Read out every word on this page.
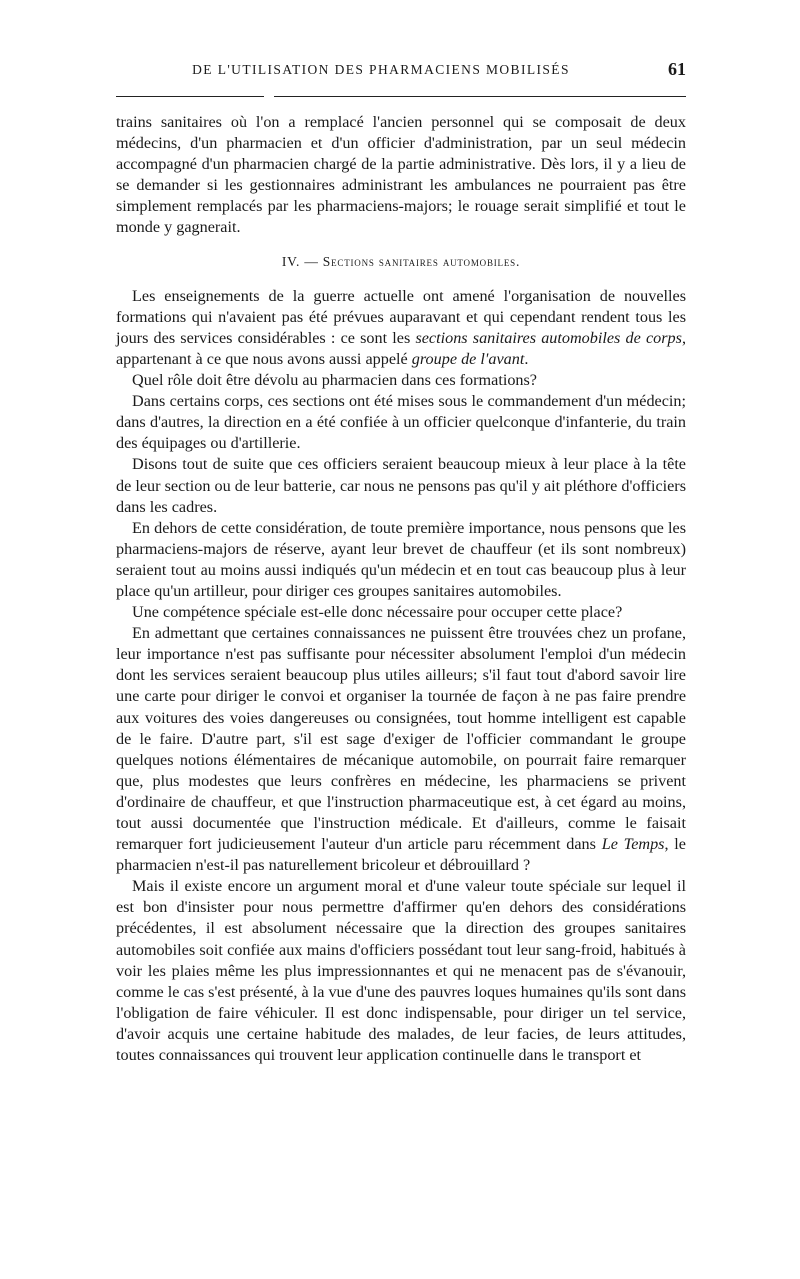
DE L'UTILISATION DES PHARMACIENS MOBILISÉS	61

trains sanitaires où l'on a remplacé l'ancien personnel qui se composait de deux médecins, d'un pharmacien et d'un officier d'administration, par un seul médecin accompagné d'un pharmacien chargé de la partie administrative. Dès lors, il y a lieu de se demander si les gestionnaires administrant les ambulances ne pourraient pas être simplement remplacés par les pharmaciens-majors; le rouage serait simplifié et tout le monde y gagnerait.

IV. — Sections sanitaires automobiles.

Les enseignements de la guerre actuelle ont amené l'organisation de nouvelles formations qui n'avaient pas été prévues auparavant et qui cependant rendent tous les jours des services considérables : ce sont les sections sanitaires automobiles de corps, appartenant à ce que nous avons aussi appelé groupe de l'avant.

Quel rôle doit être dévolu au pharmacien dans ces formations?

Dans certains corps, ces sections ont été mises sous le commandement d'un médecin; dans d'autres, la direction en a été confiée à un officier quelconque d'infanterie, du train des équipages ou d'artillerie.

Disons tout de suite que ces officiers seraient beaucoup mieux à leur place à la tête de leur section ou de leur batterie, car nous ne pensons pas qu'il y ait pléthore d'officiers dans les cadres.

En dehors de cette considération, de toute première importance, nous pensons que les pharmaciens-majors de réserve, ayant leur brevet de chauffeur (et ils sont nombreux) seraient tout au moins aussi indiqués qu'un médecin et en tout cas beaucoup plus à leur place qu'un artilleur, pour diriger ces groupes sanitaires automobiles.

Une compétence spéciale est-elle donc nécessaire pour occuper cette place?

En admettant que certaines connaissances ne puissent être trouvées chez un profane, leur importance n'est pas suffisante pour nécessiter absolument l'emploi d'un médecin dont les services seraient beaucoup plus utiles ailleurs; s'il faut tout d'abord savoir lire une carte pour diriger le convoi et organiser la tournée de façon à ne pas faire prendre aux voitures des voies dangereuses ou consignées, tout homme intelligent est capable de le faire. D'autre part, s'il est sage d'exiger de l'officier commandant le groupe quelques notions élémentaires de mécanique automobile, on pourrait faire remarquer que, plus modestes que leurs confrères en médecine, les pharmaciens se privent d'ordinaire de chauffeur, et que l'instruction pharmaceutique est, à cet égard au moins, tout aussi documentée que l'instruction médicale. Et d'ailleurs, comme le faisait remarquer fort judicieusement l'auteur d'un article paru récemment dans Le Temps, le pharmacien n'est-il pas naturellement bricoleur et débrouillard ?

Mais il existe encore un argument moral et d'une valeur toute spéciale sur lequel il est bon d'insister pour nous permettre d'affirmer qu'en dehors des considérations précédentes, il est absolument nécessaire que la direction des groupes sanitaires automobiles soit confiée aux mains d'officiers possédant tout leur sang-froid, habitués à voir les plaies même les plus impressionnantes et qui ne menacent pas de s'évanouir, comme le cas s'est présenté, à la vue d'une des pauvres loques humaines qu'ils sont dans l'obligation de faire véhiculer. Il est donc indispensable, pour diriger un tel service, d'avoir acquis une certaine habitude des malades, de leur facies, de leurs attitudes, toutes connaissances qui trouvent leur application continuelle dans le transport et
